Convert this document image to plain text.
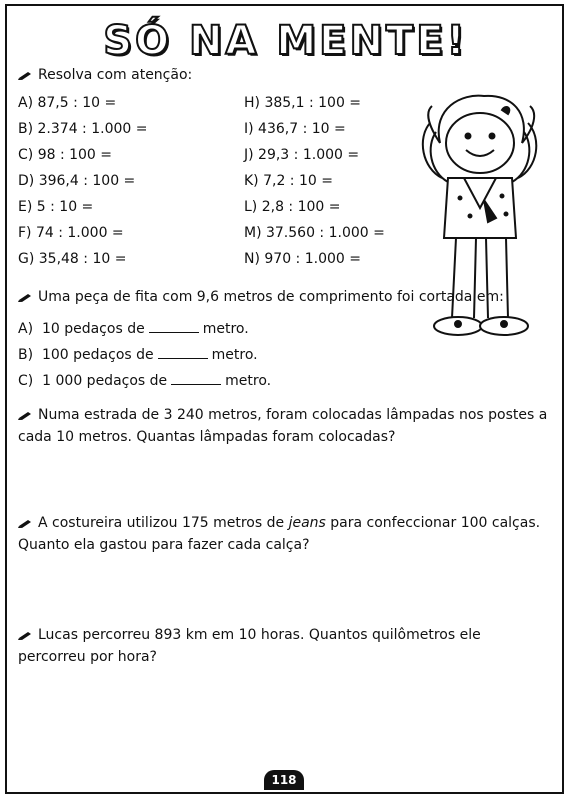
SÓ NA MENTE!
Resolva com atenção:
A) 87,5 : 10 =
B) 2.374 : 1.000 =
C) 98 : 100 =
D) 396,4 : 100 =
E) 5 : 10 =
F) 74 : 1.000 =
G) 35,48 : 10 =
H) 385,1 : 100 =
I) 436,7 : 10 =
J) 29,3 : 1.000 =
K) 7,2 : 10 =
L) 2,8 : 100 =
M) 37.560 : 1.000 =
N) 970 : 1.000 =
Uma peça de fita com 9,6 metros de comprimento foi cortada em:
A) 10 pedaços de	metro.
B) 100 pedaços de	metro.
C) 1 000 pedaços de	metro.
Numa estrada de 3 240 metros, foram colocadas lâmpadas nos postes a cada 10 metros. Quantas lâmpadas foram colocadas?
A costureira utilizou 175 metros de jeans para confeccionar 100 calças. Quanto ela gastou para fazer cada calça?
Lucas percorreu 893 km em 10 horas. Quantos quilômetros ele percorreu por hora?
118
